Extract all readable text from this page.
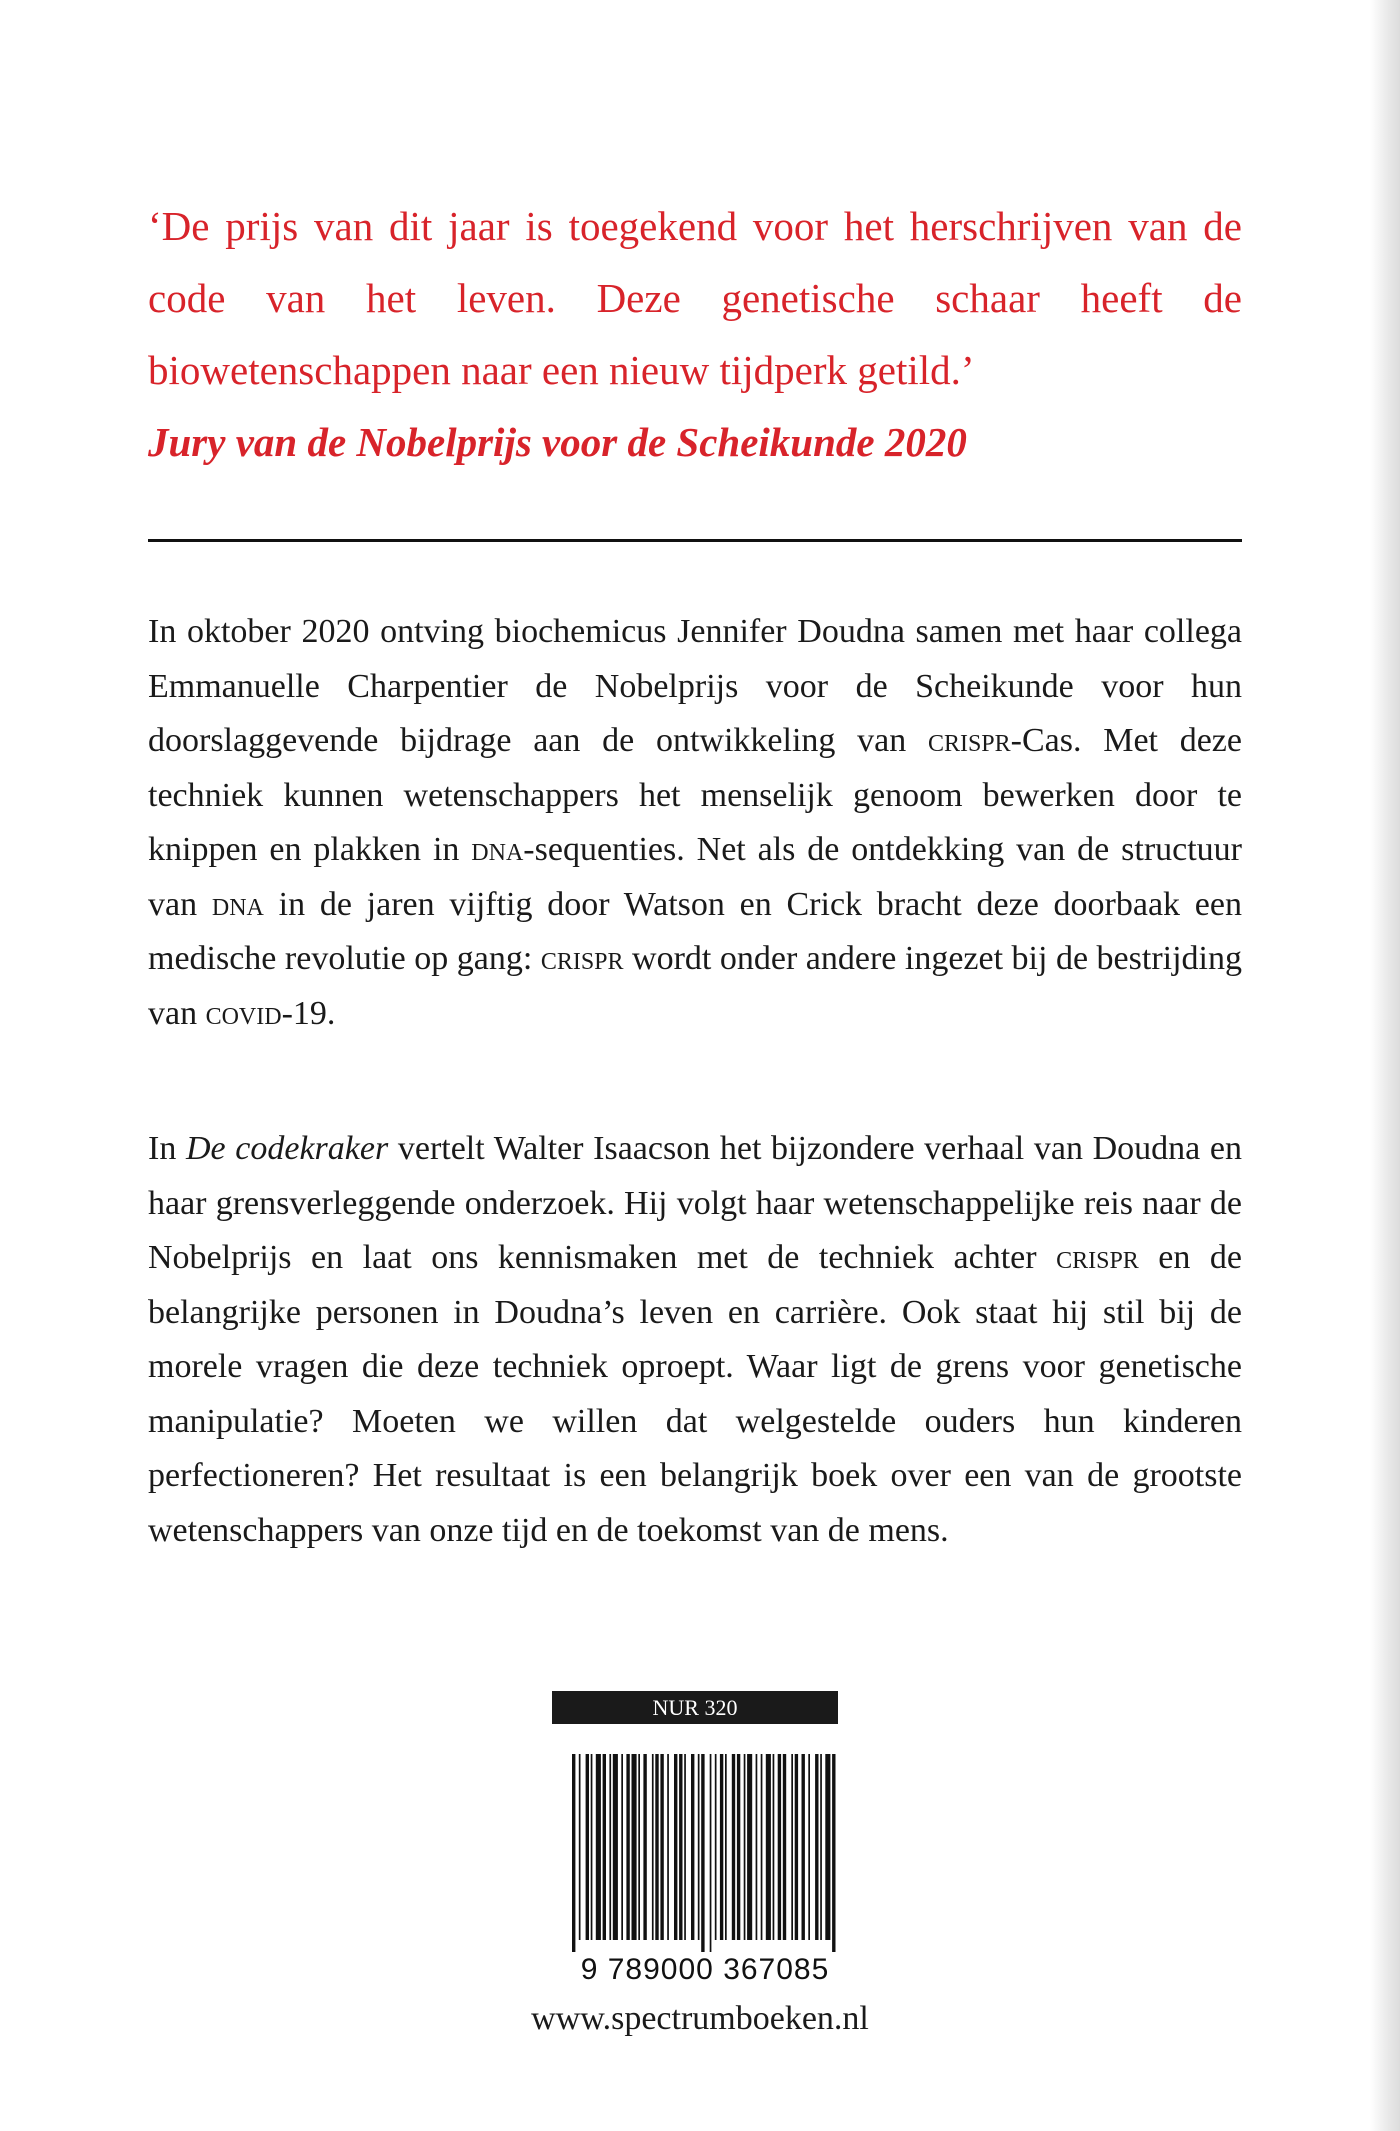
‘De prijs van dit jaar is toegekend voor het herschrijven van de code van het leven. Deze genetische schaar heeft de biowetenschappen naar een nieuw tijdperk getild.’

Jury van de Nobelprijs voor de Scheikunde 2020

In oktober 2020 ontving biochemicus Jennifer Doudna samen met haar collega Emmanuelle Charpentier de Nobelprijs voor de Scheikunde voor hun doorslaggevende bijdrage aan de ontwikkeling van crispr-Cas. Met deze techniek kunnen wetenschappers het menselijk genoom bewerken door te knippen en plakken in dna-sequenties. Net als de ontdekking van de structuur van dna in de jaren vijftig door Watson en Crick bracht deze doorbaak een medische revolutie op gang: crispr wordt onder andere ingezet bij de bestrijding van covid-19.

In De codekraker vertelt Walter Isaacson het bijzondere verhaal van Doudna en haar grensverleggende onderzoek. Hij volgt haar wetenschappelijke reis naar de Nobelprijs en laat ons kennismaken met de techniek achter crispr en de belangrijke personen in Doudna’s leven en carrière. Ook staat hij stil bij de morele vragen die deze techniek oproept. Waar ligt de grens voor genetische manipulatie? Moeten we willen dat welgestelde ouders hun kinderen perfectioneren? Het resultaat is een belangrijk boek over een van de grootste wetenschappers van onze tijd en de toekomst van de mens.

NUR 320
9 789000 367085
www.spectrumboeken.nl
